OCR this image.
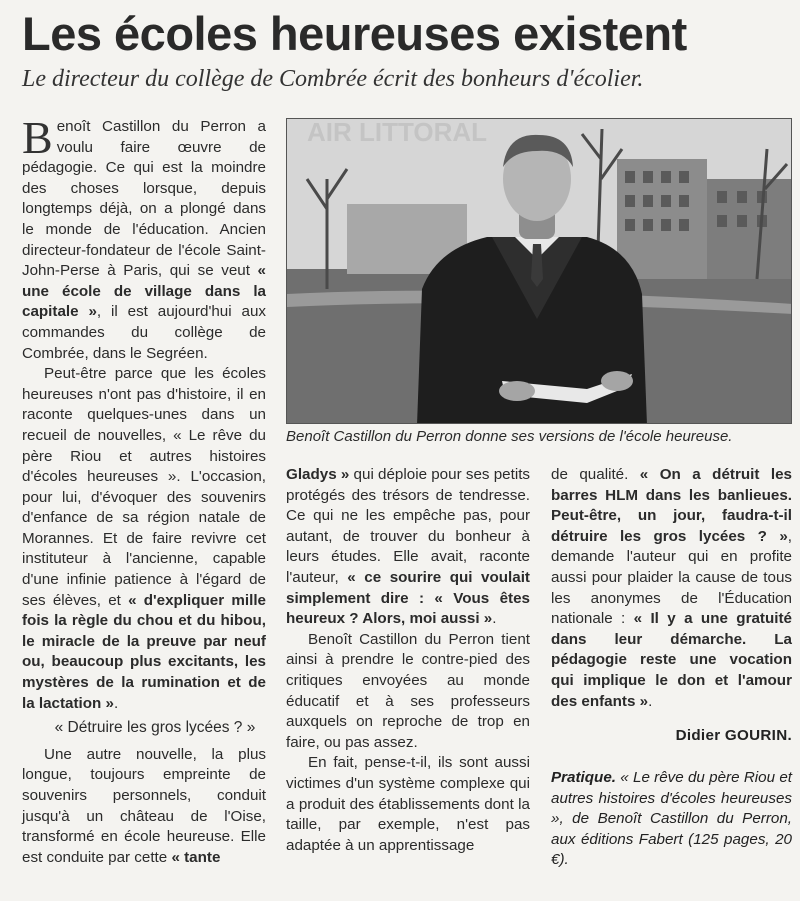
Les écoles heureuses existent
Le directeur du collège de Combrée écrit des bonheurs d'écolier.

Benoît Castillon du Perron a voulu faire œuvre de pédagogie. Ce qui est la moindre des choses lorsque, depuis longtemps déjà, on a plongé dans le monde de l'éducation. Ancien directeur-fondateur de l'école Saint-John-Perse à Paris, qui se veut « une école de village dans la capitale », il est aujourd'hui aux commandes du collège de Combrée, dans le Segréen.

Peut-être parce que les écoles heureuses n'ont pas d'histoire, il en raconte quelques-unes dans un recueil de nouvelles, « Le rêve du père Riou et autres histoires d'écoles heureuses ». L'occasion, pour lui, d'évoquer des souvenirs d'enfance de sa région natale de Morannes. Et de faire revivre cet instituteur à l'ancienne, capable d'une infinie patience à l'égard de ses élèves, et « d'expliquer mille fois la règle du chou et du hibou, le miracle de la preuve par neuf ou, beaucoup plus excitants, les mystères de la rumination et de la lactation ».

« Détruire les gros lycées ? »

Une autre nouvelle, la plus longue, toujours empreinte de souvenirs personnels, conduit jusqu'à un château de l'Oise, transformé en école heureuse. Elle est conduite par cette « tante

AIR LITTORAL
Benoît Castillon du Perron donne ses versions de l'école heureuse.

Gladys » qui déploie pour ses petits protégés des trésors de tendresse. Ce qui ne les empêche pas, pour autant, de trouver du bonheur à leurs études. Elle avait, raconte l'auteur, « ce sourire qui voulait simplement dire : « Vous êtes heureux ? Alors, moi aussi ».

Benoît Castillon du Perron tient ainsi à prendre le contre-pied des critiques envoyées au monde éducatif et à ses professeurs auxquels on reproche de trop en faire, ou pas assez.

En fait, pense-t-il, ils sont aussi victimes d'un système complexe qui a produit des établissements dont la taille, par exemple, n'est pas adaptée à un apprentissage

de qualité. « On a détruit les barres HLM dans les banlieues. Peut-être, un jour, faudra-t-il détruire les gros lycées ? », demande l'auteur qui en profite aussi pour plaider la cause de tous les anonymes de l'Éducation nationale : « Il y a une gratuité dans leur démarche. La pédagogie reste une vocation qui implique le don et l'amour des enfants ».

Didier GOURIN.
Pratique. « Le rêve du père Riou et autres histoires d'écoles heureuses », de Benoît Castillon du Perron, aux éditions Fabert (125 pages, 20 €).
